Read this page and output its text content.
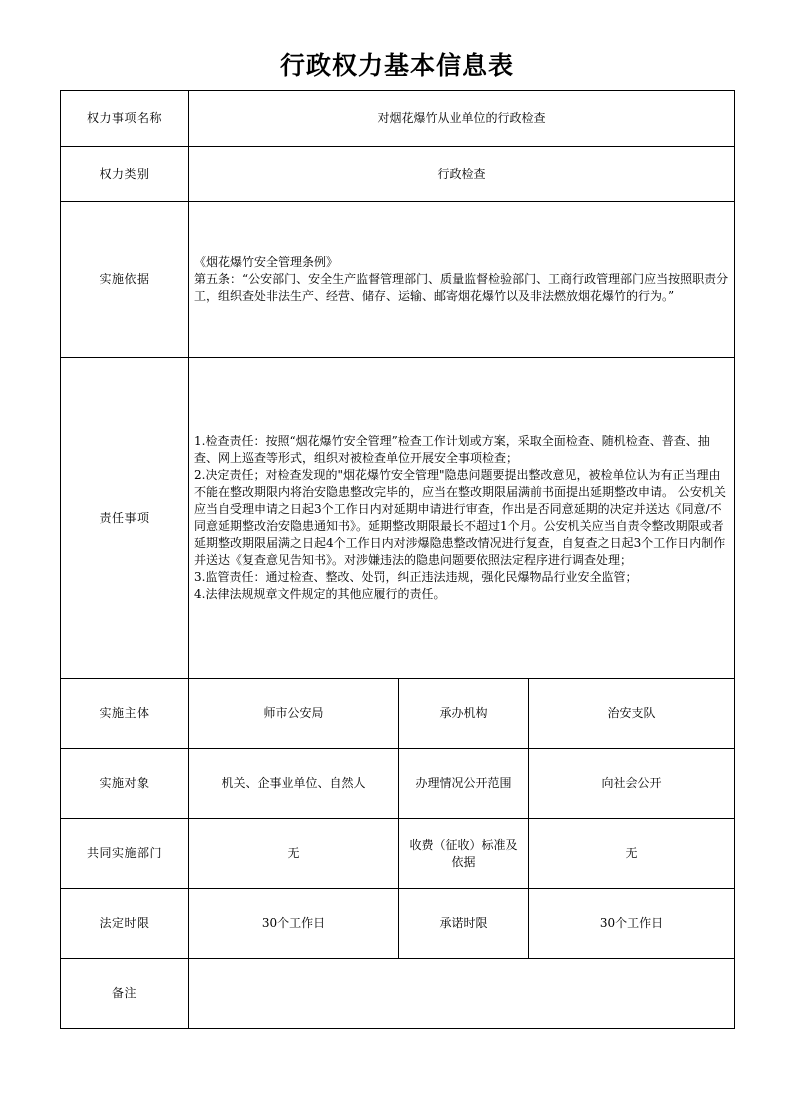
行政权力基本信息表
权力事项名称	对烟花爆竹从业单位的行政检查		
权力类别	行政检查		
实施依据	《烟花爆竹安全管理条例》
第五条：“公安部门、安全生产监督管理部门、质量监督检验部门、工商行政管理部门应当按照职责分工，组织查处非法生产、经营、储存、运输、邮寄烟花爆竹以及非法燃放烟花爆竹的行为。”		

责任事项	1.检查责任：按照“烟花爆竹安全管理”检查工作计划或方案，采取全面检查、随机检查、普查、抽查、网上巡查等形式，组织对被检查单位开展安全事项检查；
2.决定责任；对检查发现的"烟花爆竹安全管理"隐患问题要提出整改意见，被检单位认为有正当理由不能在整改期限内将治安隐患整改完毕的，应当在整改期限届满前书面提出延期整改申请。 公安机关应当自受理申请之日起3个工作日内对延期申请进行审查，作出是否同意延期的决定并送达《同意/不同意延期整改治安隐患通知书》。延期整改期限最长不超过1个月。公安机关应当自责令整改期限或者延期整改期限届满之日起4个工作日内对涉爆隐患整改情况进行复查，自复查之日起3个工作日内制作并送达《复查意见告知书》。对涉嫌违法的隐患问题要依照法定程序进行调查处理；
3.监管责任：通过检查、整改、处罚，纠正违法违规，强化民爆物品行业安全监管；
4.法律法规规章文件规定的其他应履行的责任。		

实施主体	师市公安局	承办机构	治安支队
实施对象	机关、企事业单位、自然人	办理情况公开范围	向社会公开
共同实施部门	无	收费（征收）标准及依据	无
法定时限	30个工作日	承诺时限	30个工作日
备注			
